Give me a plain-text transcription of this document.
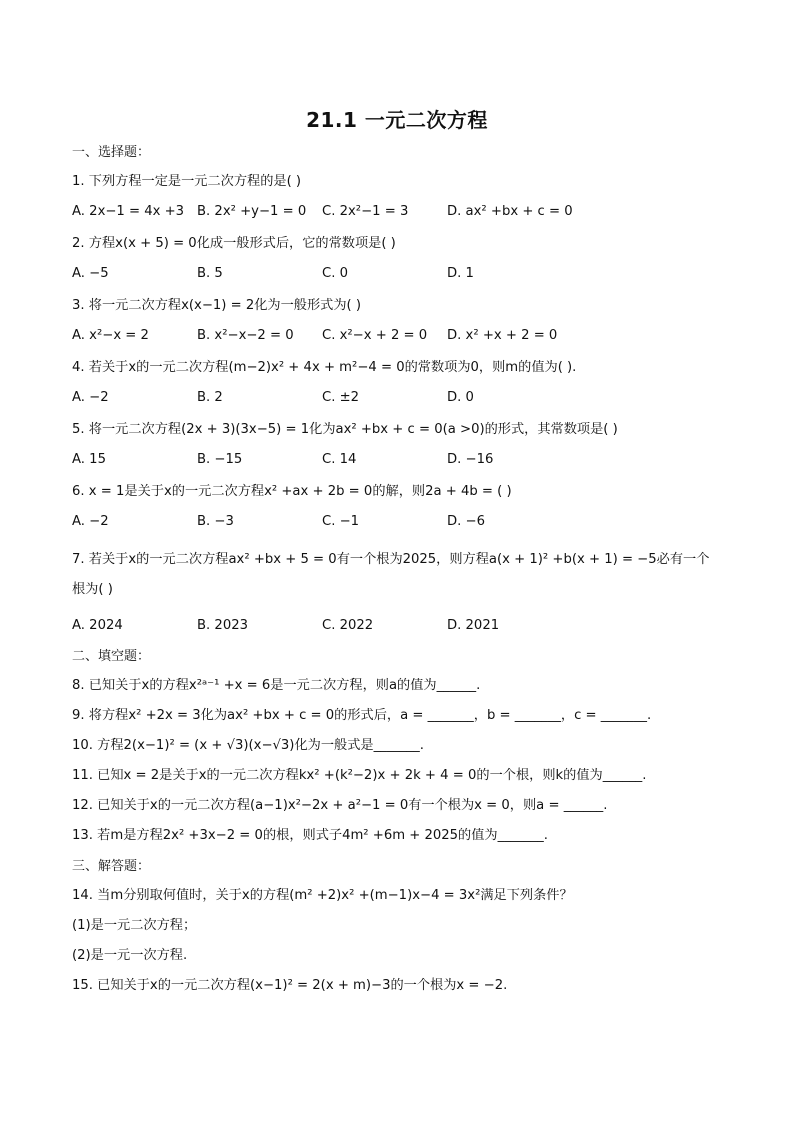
21.1 一元二次方程

一、选择题：

1. 下列方程一定是一元二次方程的是( )

A. 2x−1 = 4x +3 B. 2x² +y−1 = 0	C. 2x²−1 = 3	D. ax² +bx + c = 0

2. 方程x(x + 5) = 0化成一般形式后，它的常数项是( )

A. −5	B. 5	C. 0	D. 1

3. 将一元二次方程x(x−1) = 2化为一般形式为( )

A. x²−x = 2	B. x²−x−2 = 0	C. x²−x + 2 = 0	D. x² +x + 2 = 0

4. 若关于x的一元二次方程(m−2)x² + 4x + m²−4 = 0的常数项为0，则m的值为( ).

A. −2	B. 2	C. ±2	D. 0

5. 将一元二次方程(2x + 3)(3x−5) = 1化为ax² +bx + c = 0(a >0)的形式，其常数项是( )

A. 15	B. −15	C. 14	D. −16

6. x = 1是关于x的一元二次方程x² +ax + 2b = 0的解，则2a + 4b = ( )

A. −2	B. −3	C. −1	D. −6

7. 若关于x的一元二次方程ax² +bx + 5 = 0有一个根为2025，则方程a(x + 1)² +b(x + 1) = −5必有一个根为( )

A. 2024	B. 2023	C. 2022	D. 2021

二、填空题：

8. 已知关于x的方程x²ᵃ⁻¹ +x = 6是一元二次方程，则a的值为______.

9. 将方程x² +2x = 3化为ax² +bx + c = 0的形式后，a = _______，b = _______，c = _______.

10. 方程2(x−1)² = (x + √3)(x−√3)化为一般式是_______.

11. 已知x = 2是关于x的一元二次方程kx² +(k²−2)x + 2k + 4 = 0的一个根，则k的值为______.

12. 已知关于x的一元二次方程(a−1)x²−2x + a²−1 = 0有一个根为x = 0，则a = ______.

13. 若m是方程2x² +3x−2 = 0的根，则式子4m² +6m + 2025的值为_______.

三、解答题：

14. 当m分别取何值时，关于x的方程(m² +2)x² +(m−1)x−4 = 3x²满足下列条件？

(1)是一元二次方程；

(2)是一元一次方程.

15. 已知关于x的一元二次方程(x−1)² = 2(x + m)−3的一个根为x = −2.
